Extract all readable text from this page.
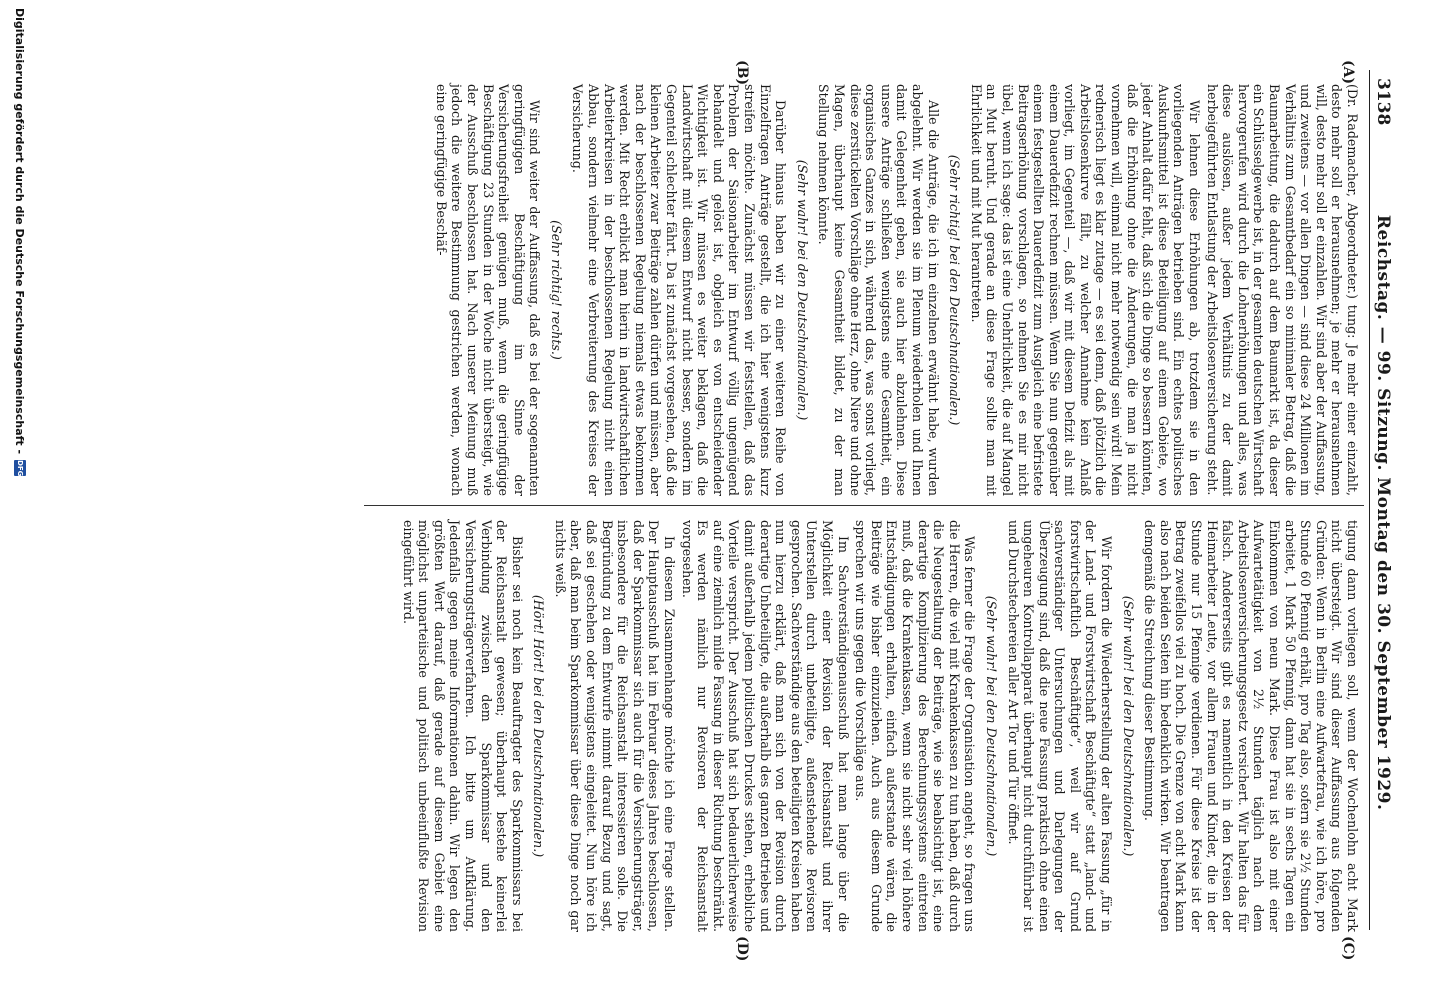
3138
Reichstag. — 99. Sitzung. Montag den 30. September 1929.
(A)
(B)
(C)
(D)

(Dr. Rademacher, Abgeordneter.) tung: Je mehr einer einzahlt, desto mehr soll er herausnehmen; je mehr er herausnehmen will, desto mehr soll er einzahlen. Wir sind aber der Auffassung, und zweitens — vor allen Dingen — sind diese 24 Millionen im Verhältnis zum Gesamtbedarf ein so minimaler Betrag, daß die Baumarbeitung, die dadurch auf dem Baumarkt ist, da dieser ein Schlüsselgewerbe ist, in der gesamten deutschen Wirtschaft hervorgerufen wird durch die Lohnerhöhungen und alles, was diese auslösen, außer jedem Verhältnis zu der damit herbeigeführten Entlastung der Arbeitslosenversicherung steht.

Wir lehnen diese Erhöhungen ab, trotzdem sie in den vorliegenden Anträgen betrieben sind. Ein echtes politisches Auskunftsmittel ist diese Beteiligung auf einem Gebiete, wo jeder Anhalt dafür fehlt, daß sich die Dinge so bessern könnten, daß die Erhöhung ohne die Änderungen, die man ja nicht vornehmen will, einmal nicht mehr notwendig sein wird! Mein rednerisch liegt es klar zutage — es sei denn, daß plötzlich die Arbeitslosenkurve fällt, zu welcher Annahme kein Anlaß vorliegt, im Gegenteil —, daß wir mit diesem Defizit als mit einem Dauerdefizit rechnen müssen. Wenn Sie nun gegenüber einem festgestellten Dauerdefizit zum Ausgleich eine befristete Beitragserhöhung vorschlagen, so nehmen Sie es mir nicht übel, wenn ich sage: das ist eine Unehrlichkeit, die auf Mangel an Mut beruht. Und gerade an diese Frage sollte man mit Ehrlichkeit und mit Mut herantreten.

(Sehr richtig! bei den Deutschnationalen.)

Alle die Anträge, die ich im einzelnen erwähnt habe, wurden abgelehnt. Wir werden sie im Plenum wiederholen und Ihnen damit Gelegenheit geben, sie auch hier abzulehnen. Diese unsere Anträge schließen wenigstens eine Gesamtheit, ein organisches Ganzes in sich, während das, was sonst vorliegt, diese zerstückelten Vorschläge ohne Herz, ohne Niere und ohne Magen, überhaupt keine Gesamtheit bildet, zu der man Stellung nehmen könnte.

(Sehr wahr! bei den Deutschnationalen.)

Darüber hinaus haben wir zu einer weiteren Reihe von Einzelfragen Anträge gestellt, die ich hier wenigstens kurz streifen möchte. Zunächst müssen wir feststellen, daß das Problem der Saisonarbeiter im Entwurf völlig ungenügend behandelt und gelöst ist, obgleich es von entscheidender Wichtigkeit ist. Wir müssen es weiter beklagen, daß die Landwirtschaft mit diesem Entwurf nicht besser, sondern im Gegenteil schlechter fährt. Da ist zunächst vorgesehen, daß die kleinen Arbeiter zwar Beiträge zahlen dürfen und müssen, aber nach der beschlossenen Regelung niemals etwas bekommen werden. Mit Recht erblickt man hierin in landwirtschaftlichen Arbeiterkreisen in der beschlossenen Regelung nicht einen Abbau, sondern vielmehr eine Verbreiterung des Kreises der Versicherung.

(Sehr richtig! rechts.)

Wir sind weiter der Auffassung, daß es bei der sogenannten geringfügigen Beschäftigung im Sinne der Versicherungsfreiheit genügen muß, wenn die geringfügige Beschäftigung 23 Stunden in der Woche nicht übersteigt, wie der Ausschuß beschlossen hat. Nach unserer Meinung muß jedoch die weitere Bestimmung gestrichen werden, wonach eine geringfügige Beschäf-

tigung dann vorliegen soll, wenn der Wochenlohn acht Mark nicht übersteigt. Wir sind dieser Auffassung aus folgenden Gründen: Wenn in Berlin eine Aufwartefrau, wie ich höre, pro Stunde 60 Pfennig erhält, pro Tag also, sofern sie 2½ Stunden arbeitet, 1 Mark 50 Pfennig, dann hat sie in sechs Tagen ein Einkommen von neun Mark. Diese Frau ist also mit einer Aufwartetätigkeit von 2½ Stunden täglich nach dem Arbeitslosenversicherungsgesetz versichert. Wir halten das für falsch. Andererseits gibt es namentlich in den Kreisen der Heimarbeiter Leute, vor allem Frauen und Kinder, die in der Stunde nur 15 Pfennige verdienen. Für diese Kreise ist der Betrag zweifellos viel zu hoch. Die Grenze von acht Mark kann also nach beiden Seiten hin bedenklich wirken. Wir beantragen demgemäß die Streichung dieser Bestimmung.

(Sehr wahr! bei den Deutschnationalen.)

Wir fordern die Wiederherstellung der alten Fassung „für in der Land- und Forstwirtschaft Beschäftigte“ statt „land- und forstwirtschaftlich Beschäftigte“, weil wir auf Grund sachverständiger Untersuchungen und Darlegungen der Überzeugung sind, daß die neue Fassung praktisch ohne einen ungeheuren Kontrollapparat überhaupt nicht durchführbar ist und Durchstechereien aller Art Tor und Tür öffnet.

(Sehr wahr! bei den Deutschnationalen.)

Was ferner die Frage der Organisation angeht, so fragen uns die Herren, die viel mit Krankenkassen zu tun haben, daß durch die Neugestaltung der Beiträge, wie sie beabsichtigt ist, eine derartige Komplizierung des Berechnungssystems eintreten muß, daß die Krankenkassen, wenn sie nicht sehr viel höhere Entschädigungen erhalten, einfach außerstande wären, die Beiträge wie bisher einzuziehen. Auch aus diesem Grunde sprechen wir uns gegen die Vorschläge aus.

Im Sachverständigenausschuß hat man lange über die Möglichkeit einer Revision der Reichsanstalt und ihrer Unterstellen durch unbeteiligte, außenstehende Revisoren gesprochen. Sachverständige aus den beteiligten Kreisen haben nun hierzu erklärt, daß man sich von der Revision durch derartige Unbeteiligte, die außerhalb des ganzen Betriebes und damit außerhalb jedem politischen Druckes stehen, erhebliche Vorteile verspricht. Der Ausschuß hat sich bedauerlicherweise auf eine ziemlich milde Fassung in dieser Richtung beschränkt. Es werden nämlich nur Revisoren der Reichsanstalt vorgesehen.

In diesem Zusammenhange möchte ich eine Frage stellen. Der Hauptausschuß hat im Februar dieses Jahres beschlossen, daß der Sparkommissar sich auch für die Versicherungsträger, insbesondere für die Reichsanstalt interessieren solle. Die Begründung zu dem Entwurfe nimmt darauf Bezug und sagt, daß sei geschehen oder wenigstens eingeleitet. Nun höre ich aber, daß man beim Sparkommissar über diese Dinge noch gar nichts weiß.

(Hört! Hört! bei den Deutschnationalen.)

Bisher sei noch kein Beauftragter des Sparkommissars bei der Reichsanstalt gewesen; überhaupt bestehe keinerlei Verbindung zwischen dem Sparkommissar und den Versicherungsträgerverfahren. Ich bitte um Aufklärung. Jedenfalls gegen meine Informationen dahin. Wir legen den größten Wert darauf, daß gerade auf diesem Gebiet eine möglichst unparteiische und politisch unbeeinflußte Revision eingeführt wird.

Digitalisierung gefördert durch die Deutsche Forschungsgemeinschaft -
DFG
